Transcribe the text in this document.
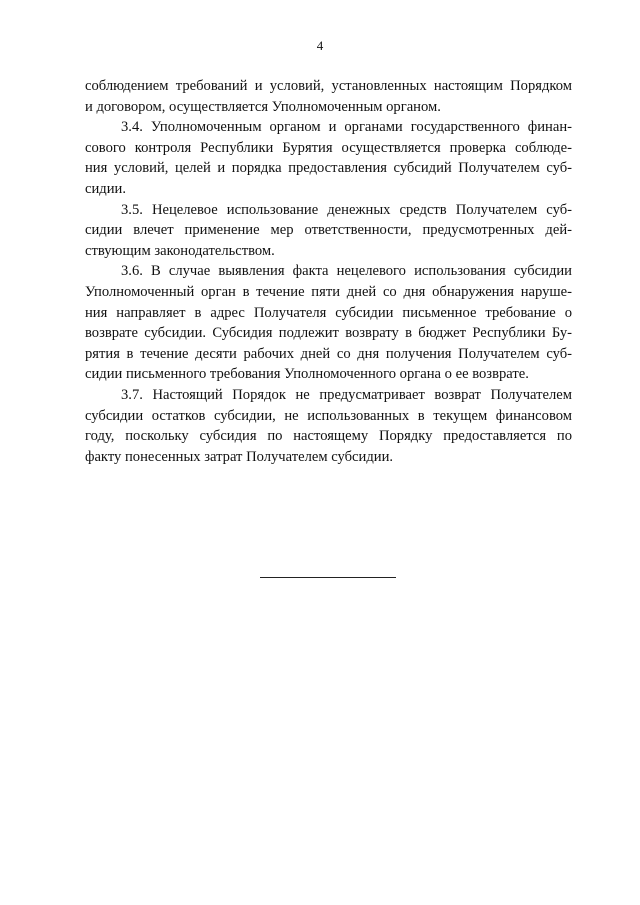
4
соблюдением требований и условий, установленных настоящим Порядком
и договором, осуществляется Уполномоченным органом.
3.4. Уполномоченным органом и органами государственного финан-
сового контроля Республики Бурятия осуществляется проверка соблюде-
ния условий, целей и порядка предоставления субсидий Получателем суб-
сидии.
3.5. Нецелевое использование денежных средств Получателем суб-
сидии влечет применение мер ответственности, предусмотренных дей-
ствующим законодательством.
3.6. В случае выявления факта нецелевого использования субсидии
Уполномоченный орган в течение пяти дней со дня обнаружения наруше-
ния направляет в адрес Получателя субсидии письменное требование о
возврате субсидии. Субсидия подлежит возврату в бюджет Республики Бу-
рятия в течение десяти рабочих дней со дня получения Получателем суб-
сидии письменного требования Уполномоченного органа о ее возврате.
3.7. Настоящий Порядок не предусматривает возврат Получателем
субсидии остатков субсидии, не использованных в текущем финансовом
году, поскольку субсидия по настоящему Порядку предоставляется по
факту понесенных затрат Получателем субсидии.
